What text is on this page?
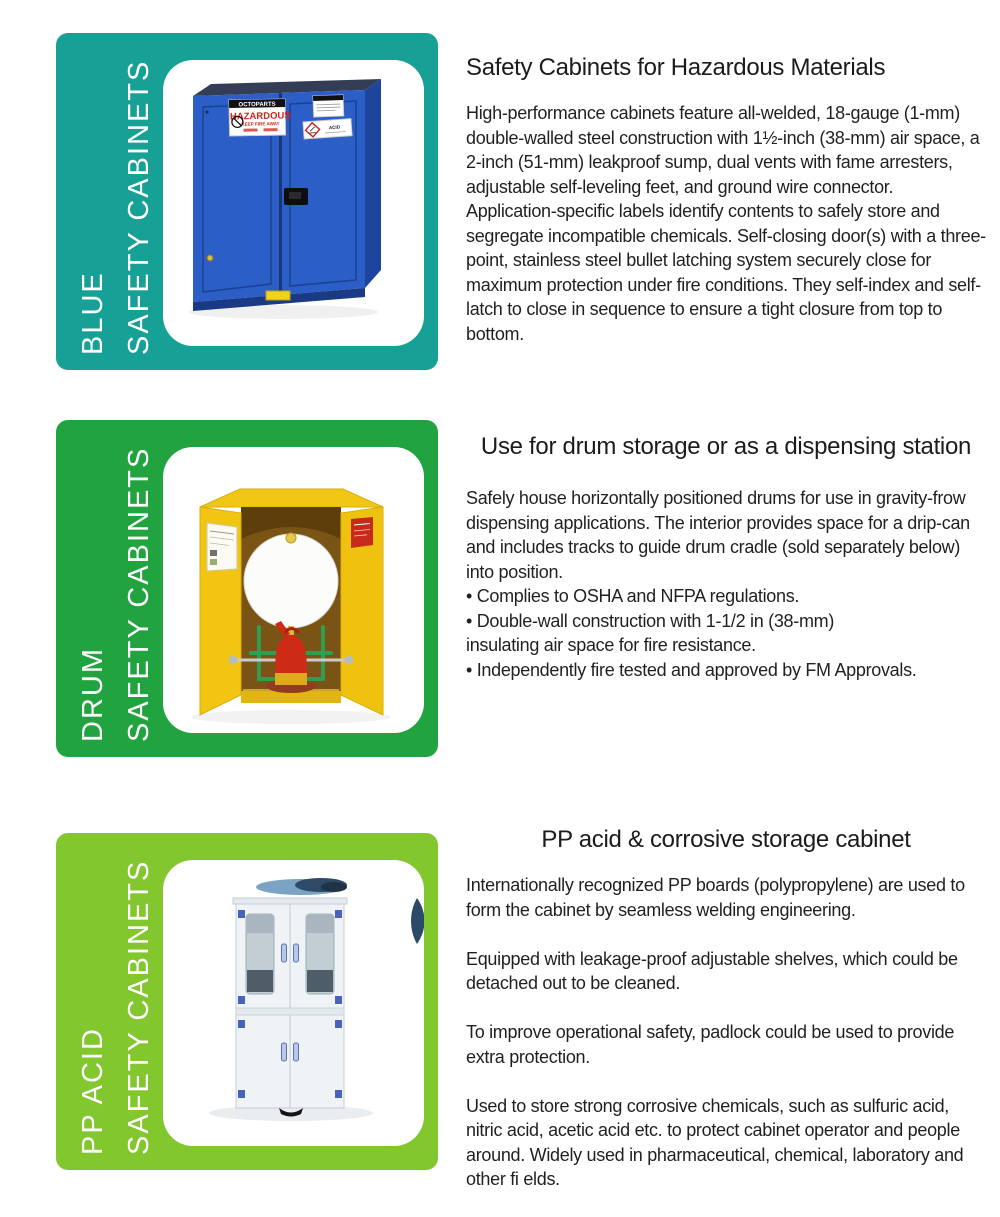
BLUE SAFETY CABINETS	OCTOPARTS
HAZARDOUS
KEEP FIRE AWAY
ACID
Safety Cabinets for Hazardous Materials

High-performance cabinets feature all-welded, 18-gauge (1-mm) double-walled steel construction with 1½-inch (38-mm) air space, a 2-inch (51-mm) leakproof sump, dual vents with fame arresters, adjustable self-leveling feet, and ground wire connector. Application-specific labels identify contents to safely store and segregate incompatible chemicals. Self-closing door(s) with a three-point, stainless steel bullet latching system securely close for maximum protection under fire conditions. They self-index and self-latch to close in sequence to ensure a tight closure from top to bottom.

DRUM SAFETY CABINETS
Use for drum storage or as a dispensing station

Safely house horizontally positioned drums for use in gravity-frow dispensing applications. The interior provides space for a drip-can and includes tracks to guide drum cradle (sold separately below) into position.

• Complies to OSHA and NFPA regulations.
• Double-wall construction with 1-1/2 in (38-mm)
insulating air space for fire resistance.
• Independently fire tested and approved by FM Approvals.
PP ACID SAFETY CABINETS
PP acid & corrosive storage cabinet

Internationally recognized PP boards (polypropylene) are used to form the cabinet by seamless welding engineering.

Equipped with leakage-proof adjustable shelves, which could be detached out to be cleaned.

To improve operational safety, padlock could be used to provide extra protection.

Used to store strong corrosive chemicals, such as sulfuric acid, nitric acid, acetic acid etc. to protect cabinet operator and people around. Widely used in pharmaceutical, chemical, laboratory and other fi elds.
